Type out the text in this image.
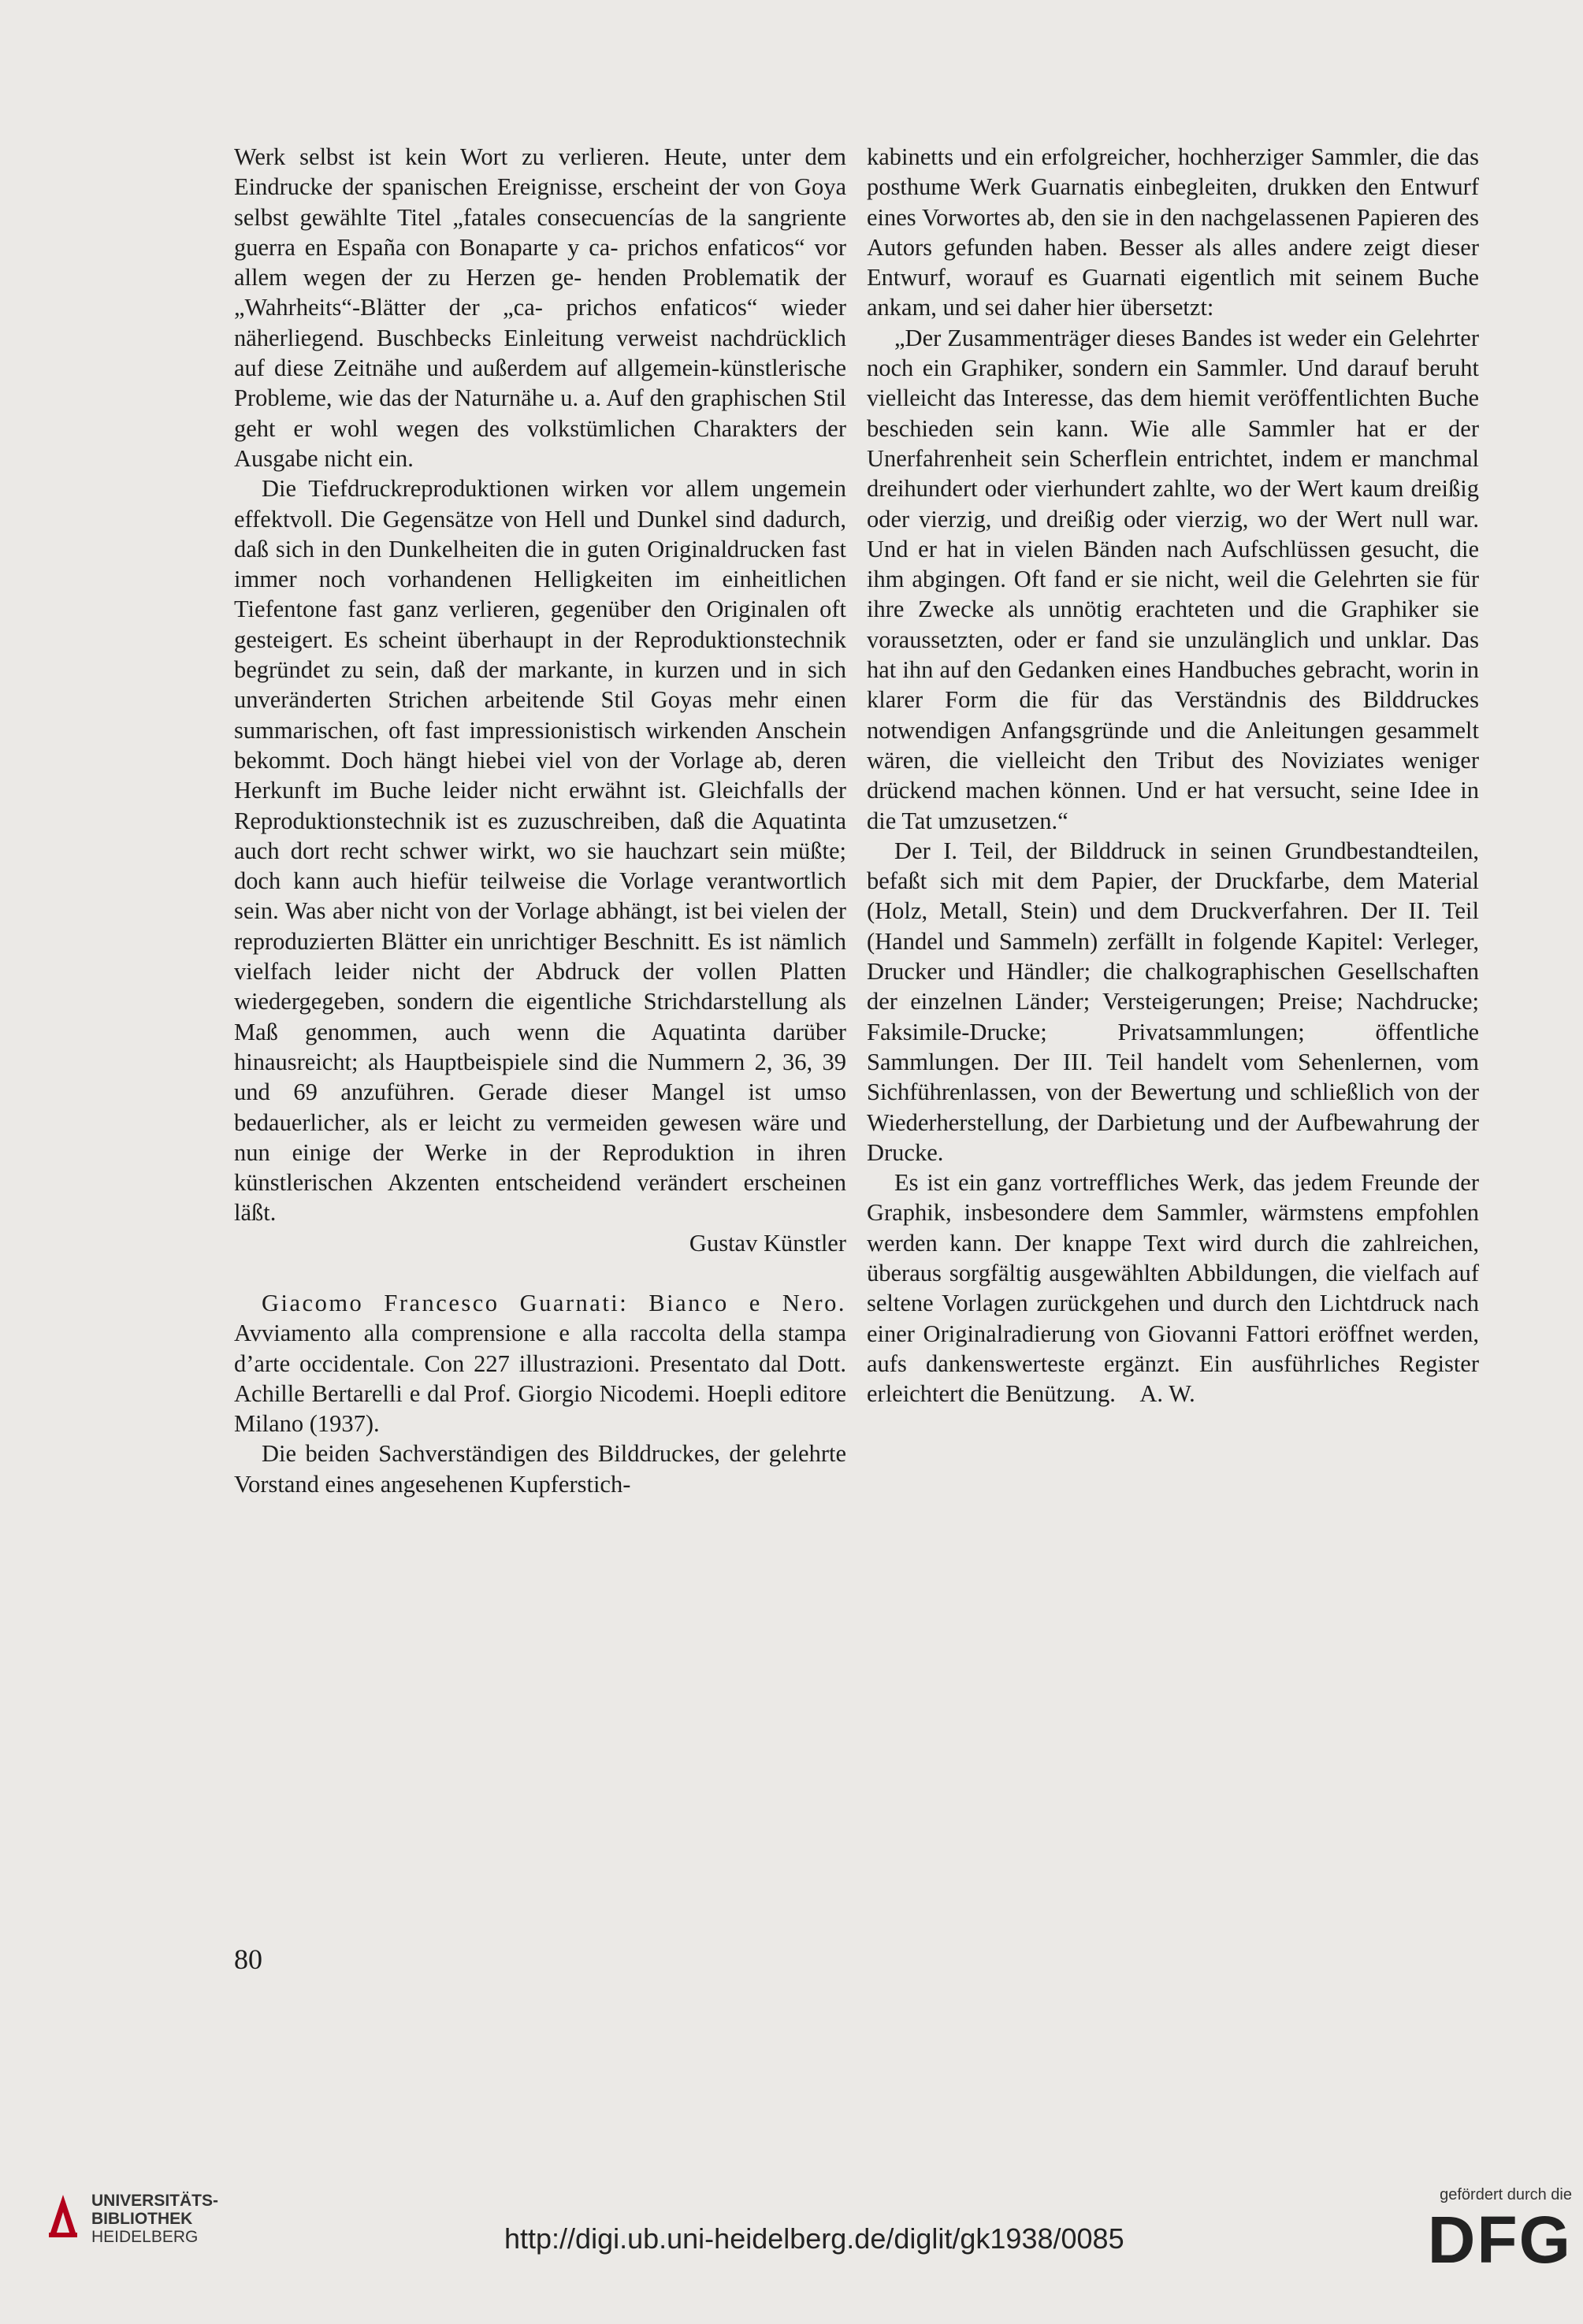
Werk selbst ist kein Wort zu verlieren. Heute, unter dem Eindrucke der spanischen Ereignisse, erscheint der von Goya selbst gewählte Titel „fatales consecuencías de la sangriente guerra en España con Bonaparte y ca- prichos enfaticos“ vor allem wegen der zu Herzen ge- henden Problematik der „Wahrheits“-Blätter der „ca- prichos enfaticos“ wieder näherliegend. Buschbecks Einleitung verweist nachdrücklich auf diese Zeitnähe und außerdem auf allgemein-künstlerische Probleme, wie das der Naturnähe u. a. Auf den graphischen Stil geht er wohl wegen des volkstümlichen Charakters der Ausgabe nicht ein.

Die Tiefdruckreproduktionen wirken vor allem ungemein effektvoll. Die Gegensätze von Hell und Dunkel sind dadurch, daß sich in den Dunkelheiten die in guten Originaldrucken fast immer noch vorhandenen Helligkeiten im einheitlichen Tiefentone fast ganz verlieren, gegenüber den Originalen oft gesteigert. Es scheint überhaupt in der Reproduktionstechnik begründet zu sein, daß der markante, in kurzen und in sich unveränderten Strichen arbeitende Stil Goyas mehr einen summarischen, oft fast impressionistisch wirkenden Anschein bekommt. Doch hängt hiebei viel von der Vorlage ab, deren Herkunft im Buche leider nicht erwähnt ist. Gleichfalls der Reproduktionstechnik ist es zuzuschreiben, daß die Aquatinta auch dort recht schwer wirkt, wo sie hauchzart sein müßte; doch kann auch hiefür teilweise die Vorlage verantwortlich sein. Was aber nicht von der Vorlage abhängt, ist bei vielen der reproduzierten Blätter ein unrichtiger Beschnitt. Es ist nämlich vielfach leider nicht der Abdruck der vollen Platten wiedergegeben, sondern die eigentliche Strichdarstellung als Maß genommen, auch wenn die Aquatinta darüber hinausreicht; als Hauptbeispiele sind die Nummern 2, 36, 39 und 69 anzuführen. Gerade dieser Mangel ist umso bedauerlicher, als er leicht zu vermeiden gewesen wäre und nun einige der Werke in der Reproduktion in ihren künstlerischen Akzenten entscheidend verändert erscheinen läßt.

Gustav Künstler

Giacomo Francesco Guarnati: Bianco e Nero. Avviamento alla comprensione e alla raccolta della stampa d’arte occidentale. Con 227 illustrazioni. Presentato dal Dott. Achille Bertarelli e dal Prof. Giorgio Nicodemi. Hoepli editore Milano (1937).

Die beiden Sachverständigen des Bilddruckes, der gelehrte Vorstand eines angesehenen Kupferstich-

kabinetts und ein erfolgreicher, hochherziger Sammler, die das posthume Werk Guarnatis einbegleiten, drukken den Entwurf eines Vorwortes ab, den sie in den nachgelassenen Papieren des Autors gefunden haben. Besser als alles andere zeigt dieser Entwurf, worauf es Guarnati eigentlich mit seinem Buche ankam, und sei daher hier übersetzt:

„Der Zusammenträger dieses Bandes ist weder ein Gelehrter noch ein Graphiker, sondern ein Sammler. Und darauf beruht vielleicht das Interesse, das dem hiemit veröffentlichten Buche beschieden sein kann. Wie alle Sammler hat er der Unerfahrenheit sein Scherflein entrichtet, indem er manchmal dreihundert oder vierhundert zahlte, wo der Wert kaum dreißig oder vierzig, und dreißig oder vierzig, wo der Wert null war. Und er hat in vielen Bänden nach Aufschlüssen gesucht, die ihm abgingen. Oft fand er sie nicht, weil die Gelehrten sie für ihre Zwecke als unnötig erachteten und die Graphiker sie voraussetzten, oder er fand sie unzulänglich und unklar. Das hat ihn auf den Gedanken eines Handbuches gebracht, worin in klarer Form die für das Verständnis des Bilddruckes notwendigen Anfangsgründe und die Anleitungen gesammelt wären, die vielleicht den Tribut des Noviziates weniger drückend machen können. Und er hat versucht, seine Idee in die Tat umzusetzen.“

Der I. Teil, der Bilddruck in seinen Grundbestandteilen, befaßt sich mit dem Papier, der Druckfarbe, dem Material (Holz, Metall, Stein) und dem Druckverfahren. Der II. Teil (Handel und Sammeln) zerfällt in folgende Kapitel: Verleger, Drucker und Händler; die chalkographischen Gesellschaften der einzelnen Länder; Versteigerungen; Preise; Nachdrucke; Faksimile-Drucke; Privatsammlungen; öffentliche Sammlungen. Der III. Teil handelt vom Sehenlernen, vom Sichführenlassen, von der Bewertung und schließlich von der Wiederherstellung, der Darbietung und der Aufbewahrung der Drucke.

Es ist ein ganz vortreffliches Werk, das jedem Freunde der Graphik, insbesondere dem Sammler, wärmstens empfohlen werden kann. Der knappe Text wird durch die zahlreichen, überaus sorgfältig ausgewählten Abbildungen, die vielfach auf seltene Vorlagen zurückgehen und durch den Lichtdruck nach einer Originalradierung von Giovanni Fattori eröffnet werden, aufs dankenswerteste ergänzt. Ein ausführliches Register erleichtert die Benützung. A. W.

80
UNIVERSITÄTS-
BIBLIOTHEK
HEIDELBERG	http://digi.ub.uni-heidelberg.de/diglit/gk1938/0085
gefördert durch die
DFG
